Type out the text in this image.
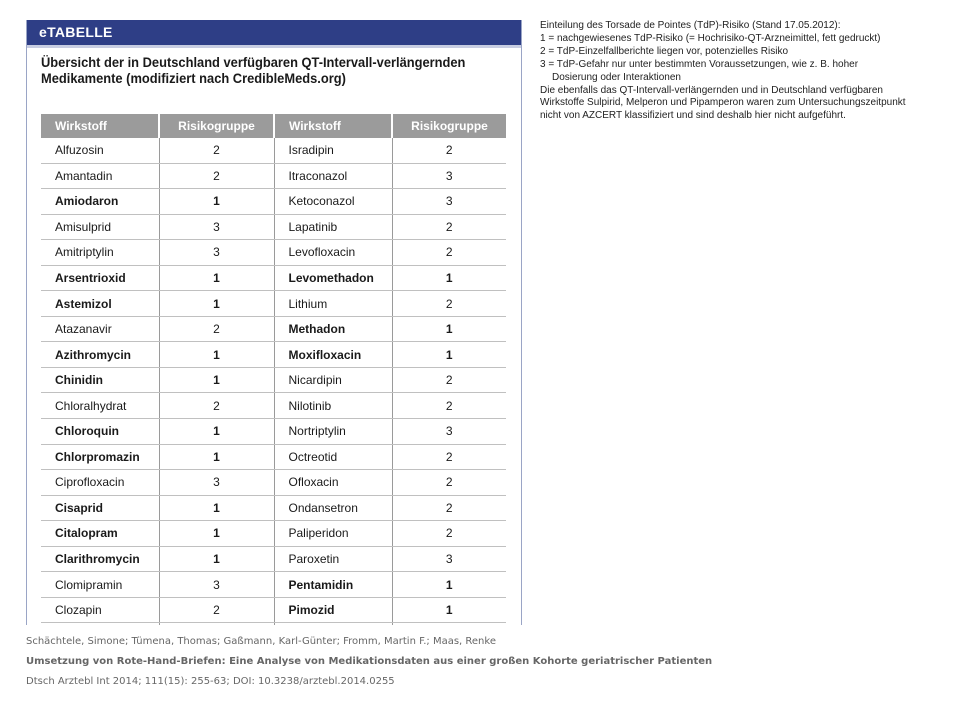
eTABELLE
Übersicht der in Deutschland verfügbaren QT-Intervall-verlängernden
Medikamente (modifiziert nach CredibleMeds.org)
Wirkstoff	Risikogruppe	Wirkstoff	Risikogruppe
Alfuzosin	2	Isradipin	2
Amantadin	2	Itraconazol	3
Amiodaron	1	Ketoconazol	3
Amisulprid	3	Lapatinib	2
Amitriptylin	3	Levofloxacin	2
Arsentrioxid	1	Levomethadon	1
Astemizol	1	Lithium	2
Atazanavir	2	Methadon	1
Azithromycin	1	Moxifloxacin	1
Chinidin	1	Nicardipin	2
Chloralhydrat	2	Nilotinib	2
Chloroquin	1	Nortriptylin	3
Chlorpromazin	1	Octreotid	2
Ciprofloxacin	3	Ofloxacin	2
Cisaprid	1	Ondansetron	2
Citalopram	1	Paliperidon	2
Clarithromycin	1	Paroxetin	3
Clomipramin	3	Pentamidin	1
Clozapin	2	Pimozid	1

Einteilung des Torsade de Pointes (TdP)-Risiko (Stand 17.05.2012):
1 = nachgewiesenes TdP-Risiko (= Hochrisiko-QT-Arzneimittel, fett gedruckt)
2 = TdP-Einzelfallberichte liegen vor, potenzielles Risiko
3 = TdP-Gefahr nur unter bestimmten Voraussetzungen, wie z. B. hoher
Dosierung oder Interaktionen
Die ebenfalls das QT-Intervall-verlängernden und in Deutschland verfügbaren
Wirkstoffe Sulpirid, Melperon und Pipamperon waren zum Untersuchungszeitpunkt
nicht von AZCERT klassifiziert und sind deshalb hier nicht aufgeführt.
Schächtele, Simone; Tümena, Thomas; Gaßmann, Karl-Günter; Fromm, Martin F.; Maas, Renke
Umsetzung von Rote-Hand-Briefen: Eine Analyse von Medikationsdaten aus einer großen Kohorte geriatrischer Patienten
Dtsch Arztebl Int 2014; 111(15): 255-63; DOI: 10.3238/arztebl.2014.0255
